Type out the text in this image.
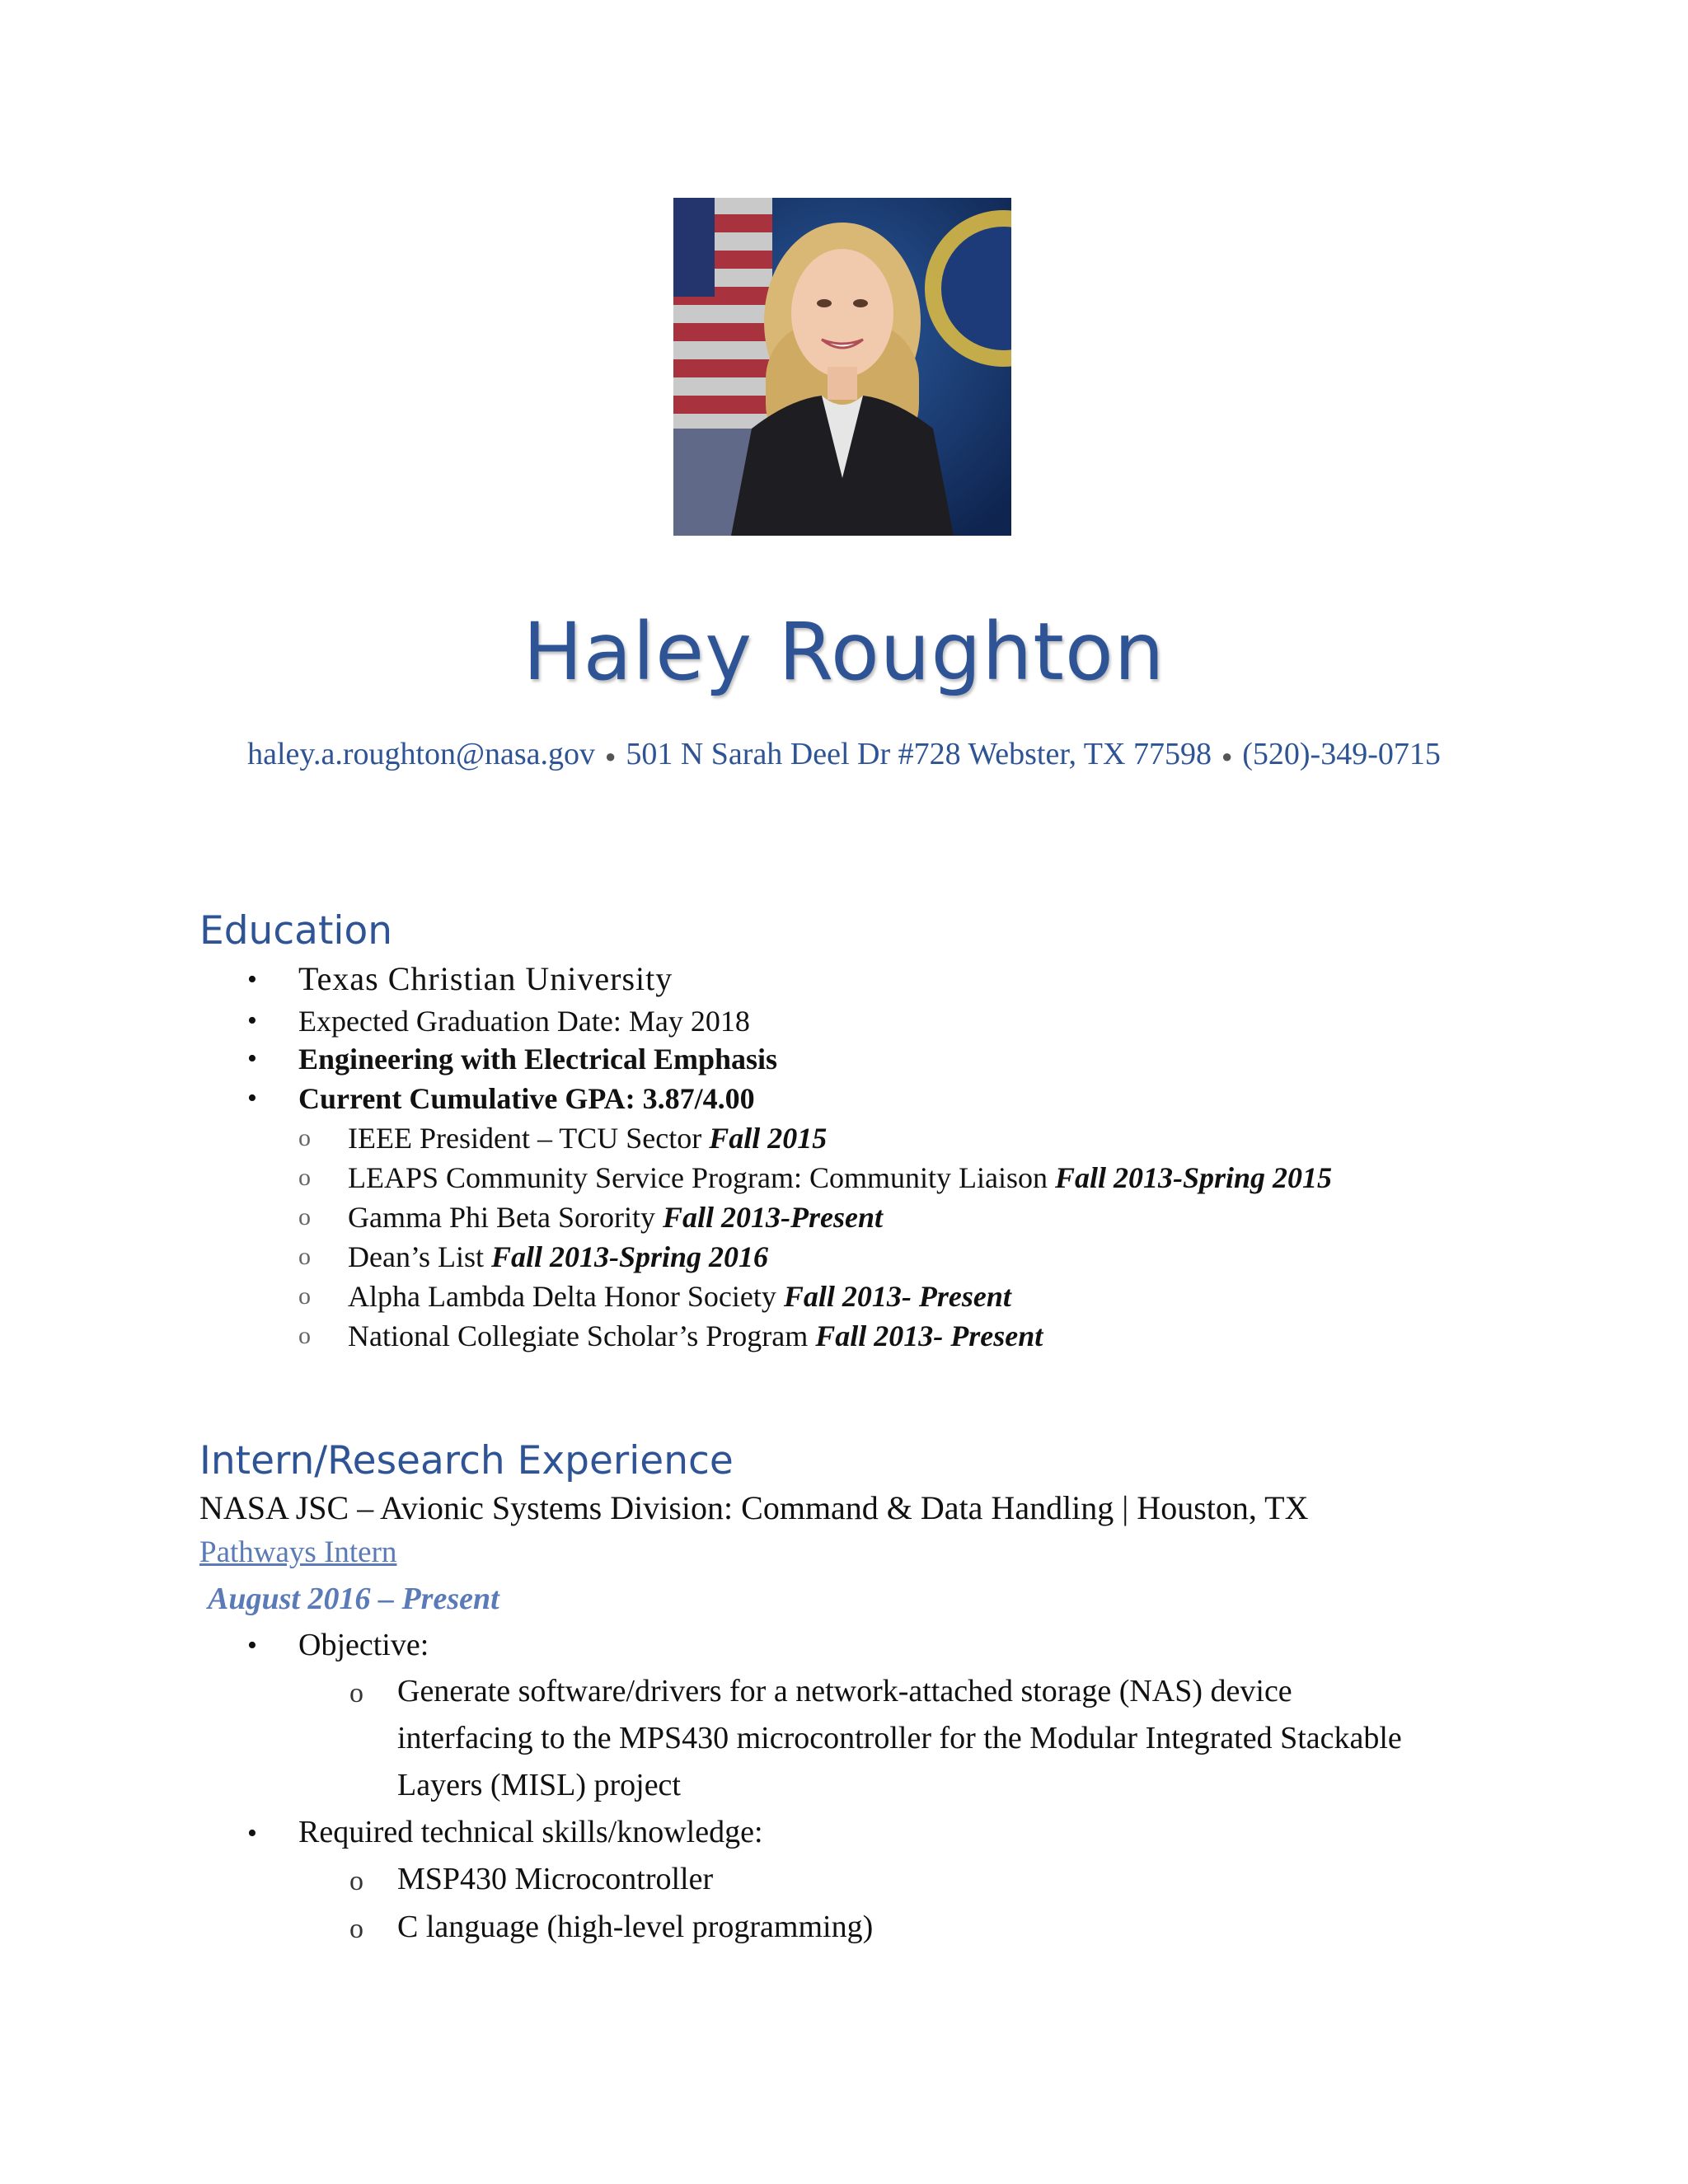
Haley Roughton
haley.a.roughton@nasa.gov ● 501 N Sarah Deel Dr #728 Webster, TX 77598 ● (520)-349-0715
Education
• Texas Christian University
• Expected Graduation Date: May 2018
• Engineering with Electrical Emphasis
• Current Cumulative GPA: 3.87/4.00
o IEEE President – TCU Sector Fall 2015
o LEAPS Community Service Program: Community Liaison Fall 2013-Spring 2015
o Gamma Phi Beta Sorority Fall 2013-Present
o Dean’s List Fall 2013-Spring 2016
o Alpha Lambda Delta Honor Society Fall 2013- Present
o National Collegiate Scholar’s Program Fall 2013- Present
Intern/Research Experience
NASA JSC – Avionic Systems Division: Command & Data Handling | Houston, TX
Pathways Intern
August 2016 – Present
• Objective:
o Generate software/drivers for a network-attached storage (NAS) device
interfacing to the MPS430 microcontroller for the Modular Integrated Stackable
Layers (MISL) project
• Required technical skills/knowledge:
o MSP430 Microcontroller
o C language (high-level programming)
